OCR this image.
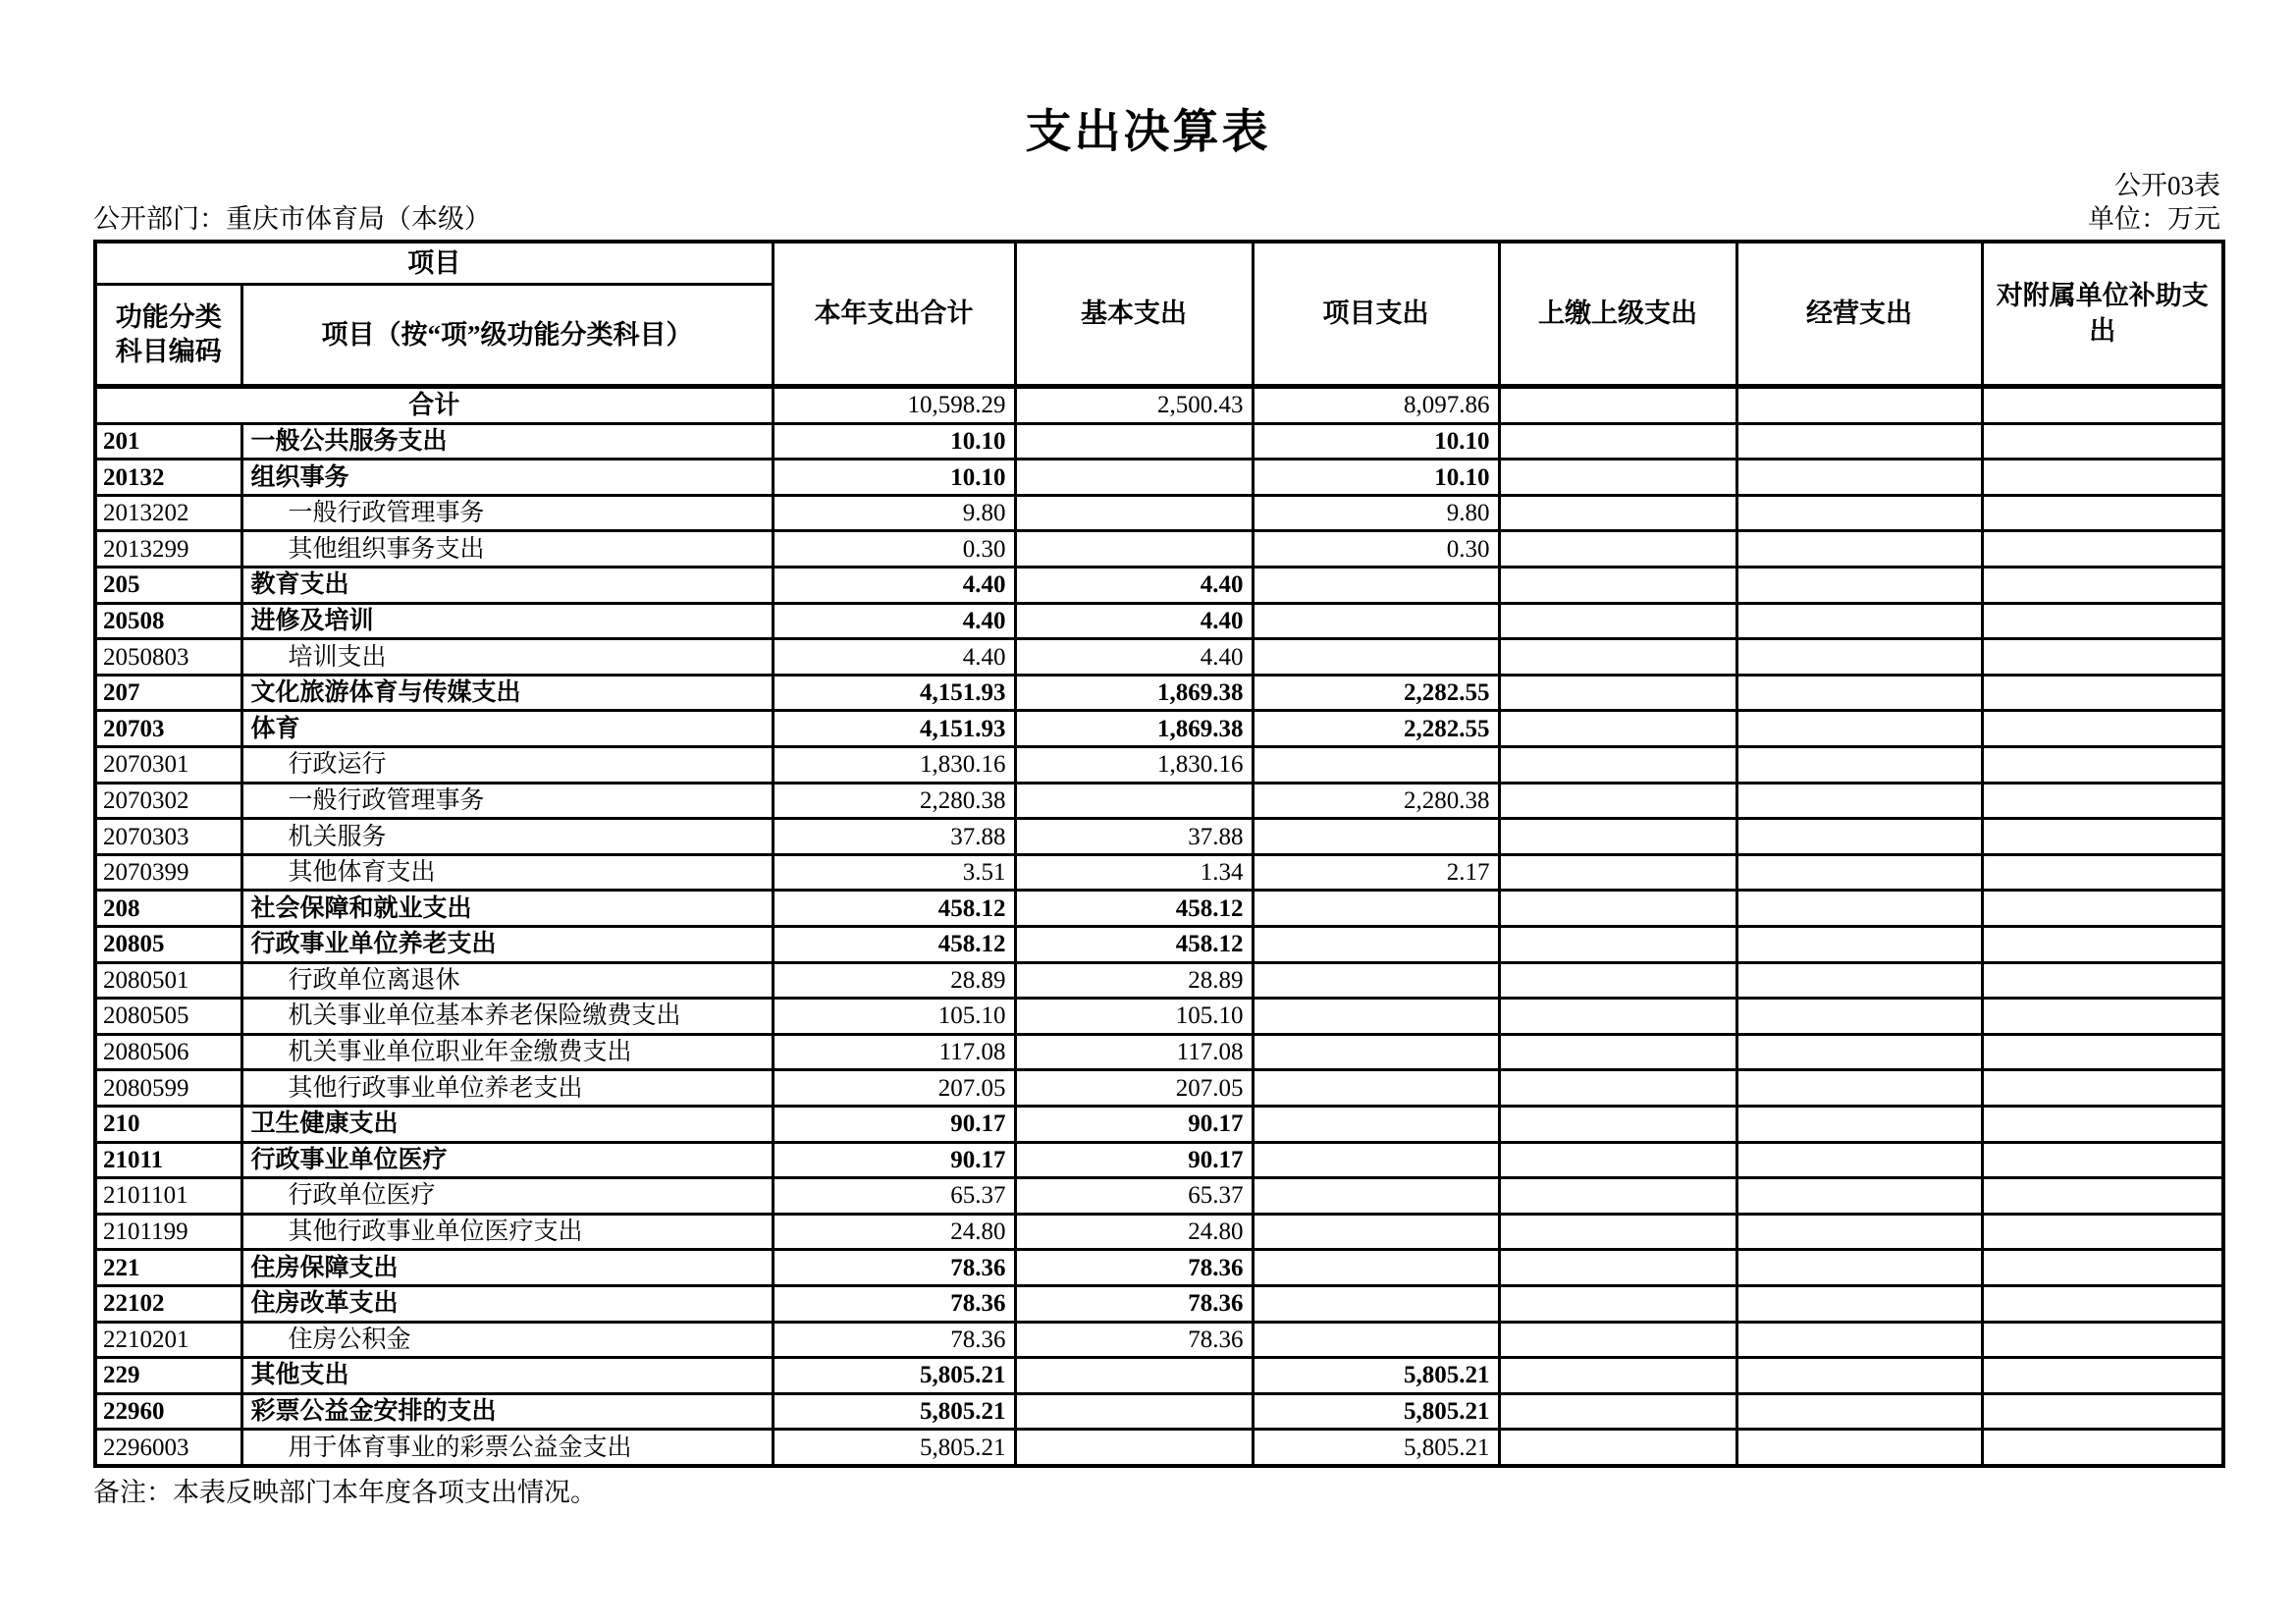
支出决算表
公开03表
公开部门：重庆市体育局（本级）	单位：万元
项目		本年支出合计	基本支出	项目支出	上缴上级支出	经营支出	对附属单位补助支出
功能分类科目编码	项目（按“项”级功能分类科目）						
合计		10,598.29	2,500.43	8,097.86			
201	一般公共服务支出	10.10		10.10			
20132	组织事务	10.10		10.10			
2013202	一般行政管理事务	9.80		9.80			
2013299	其他组织事务支出	0.30		0.30			
205	教育支出	4.40	4.40				
20508	进修及培训	4.40	4.40				
2050803	培训支出	4.40	4.40				
207	文化旅游体育与传媒支出	4,151.93	1,869.38	2,282.55			
20703	体育	4,151.93	1,869.38	2,282.55			
2070301	行政运行	1,830.16	1,830.16				
2070302	一般行政管理事务	2,280.38		2,280.38			
2070303	机关服务	37.88	37.88				
2070399	其他体育支出	3.51	1.34	2.17			
208	社会保障和就业支出	458.12	458.12				
20805	行政事业单位养老支出	458.12	458.12				
2080501	行政单位离退休	28.89	28.89				
2080505	机关事业单位基本养老保险缴费支出	105.10	105.10				
2080506	机关事业单位职业年金缴费支出	117.08	117.08				
2080599	其他行政事业单位养老支出	207.05	207.05				
210	卫生健康支出	90.17	90.17				
21011	行政事业单位医疗	90.17	90.17				
2101101	行政单位医疗	65.37	65.37				
2101199	其他行政事业单位医疗支出	24.80	24.80				
221	住房保障支出	78.36	78.36				
22102	住房改革支出	78.36	78.36				
2210201	住房公积金	78.36	78.36				
229	其他支出	5,805.21		5,805.21			
22960	彩票公益金安排的支出	5,805.21		5,805.21			
2296003	用于体育事业的彩票公益金支出	5,805.21		5,805.21			
备注：本表反映部门本年度各项支出情况。
